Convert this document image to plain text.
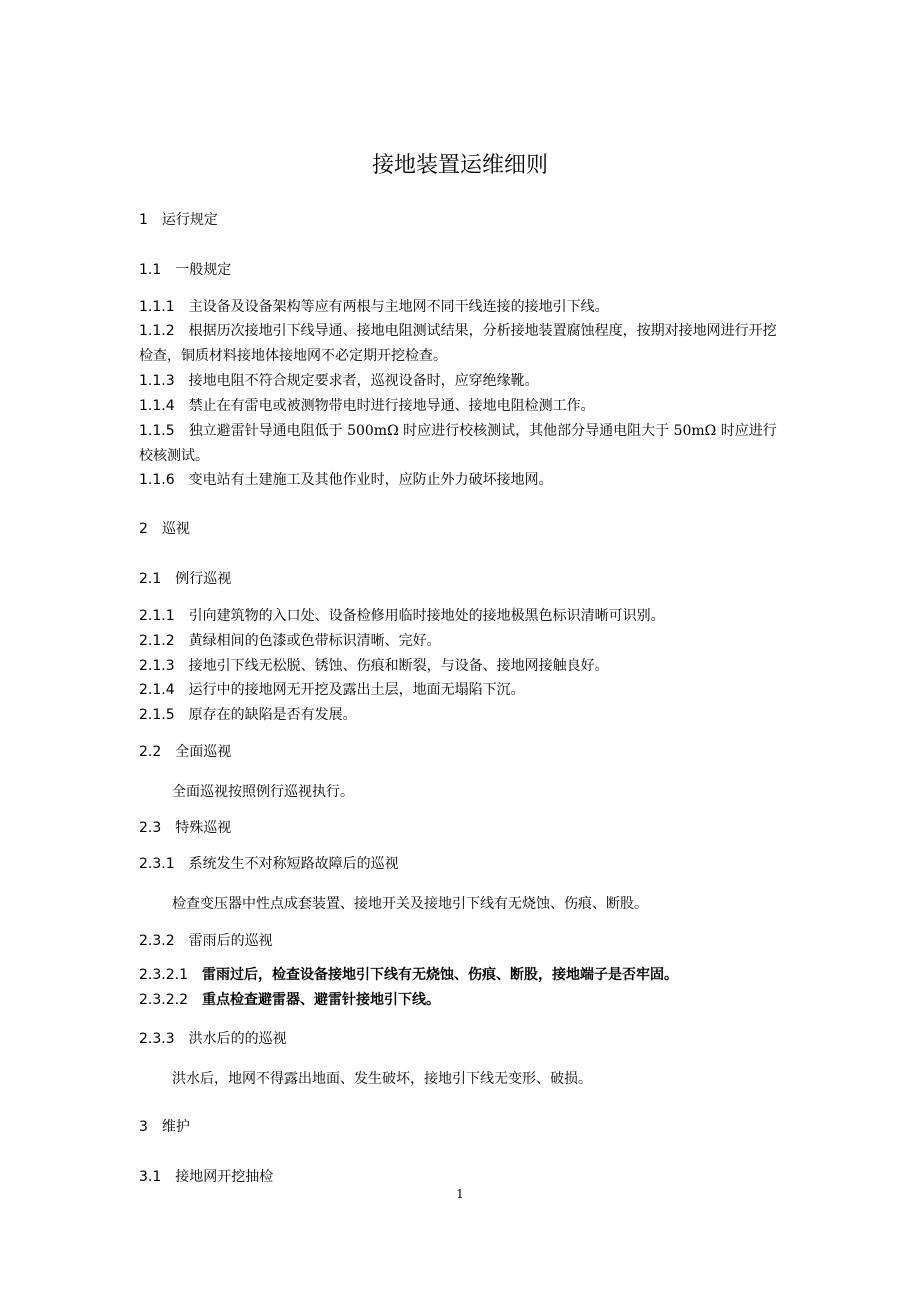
接地装置运维细则
1 运行规定
1.1 一般规定
1.1.1 主设备及设备架构等应有两根与主地网不同干线连接的接地引下线。
1.1.2 根据历次接地引下线导通、接地电阻测试结果，分析接地装置腐蚀程度，按期对接地网进行开挖检查，铜质材料接地体接地网不必定期开挖检查。
1.1.3 接地电阻不符合规定要求者，巡视设备时，应穿绝缘靴。
1.1.4 禁止在有雷电或被测物带电时进行接地导通、接地电阻检测工作。
1.1.5 独立避雷针导通电阻低于 500mΩ 时应进行校核测试，其他部分导通电阻大于 50mΩ 时应进行校核测试。
1.1.6 变电站有土建施工及其他作业时，应防止外力破坏接地网。
2 巡视
2.1 例行巡视
2.1.1 引向建筑物的入口处、设备检修用临时接地处的接地极黑色标识清晰可识别。
2.1.2 黄绿相间的色漆或色带标识清晰、完好。
2.1.3 接地引下线无松脱、锈蚀、伤痕和断裂，与设备、接地网接触良好。
2.1.4 运行中的接地网无开挖及露出土层，地面无塌陷下沉。
2.1.5 原存在的缺陷是否有发展。
2.2 全面巡视
全面巡视按照例行巡视执行。
2.3 特殊巡视
2.3.1 系统发生不对称短路故障后的巡视
检查变压器中性点成套装置、接地开关及接地引下线有无烧蚀、伤痕、断股。
2.3.2 雷雨后的巡视
2.3.2.1 雷雨过后，检查设备接地引下线有无烧蚀、伤痕、断股，接地端子是否牢固。
2.3.2.2 重点检查避雷器、避雷针接地引下线。
2.3.3 洪水后的的巡视
洪水后，地网不得露出地面、发生破坏，接地引下线无变形、破损。
3 维护
3.1 接地网开挖抽检
1
